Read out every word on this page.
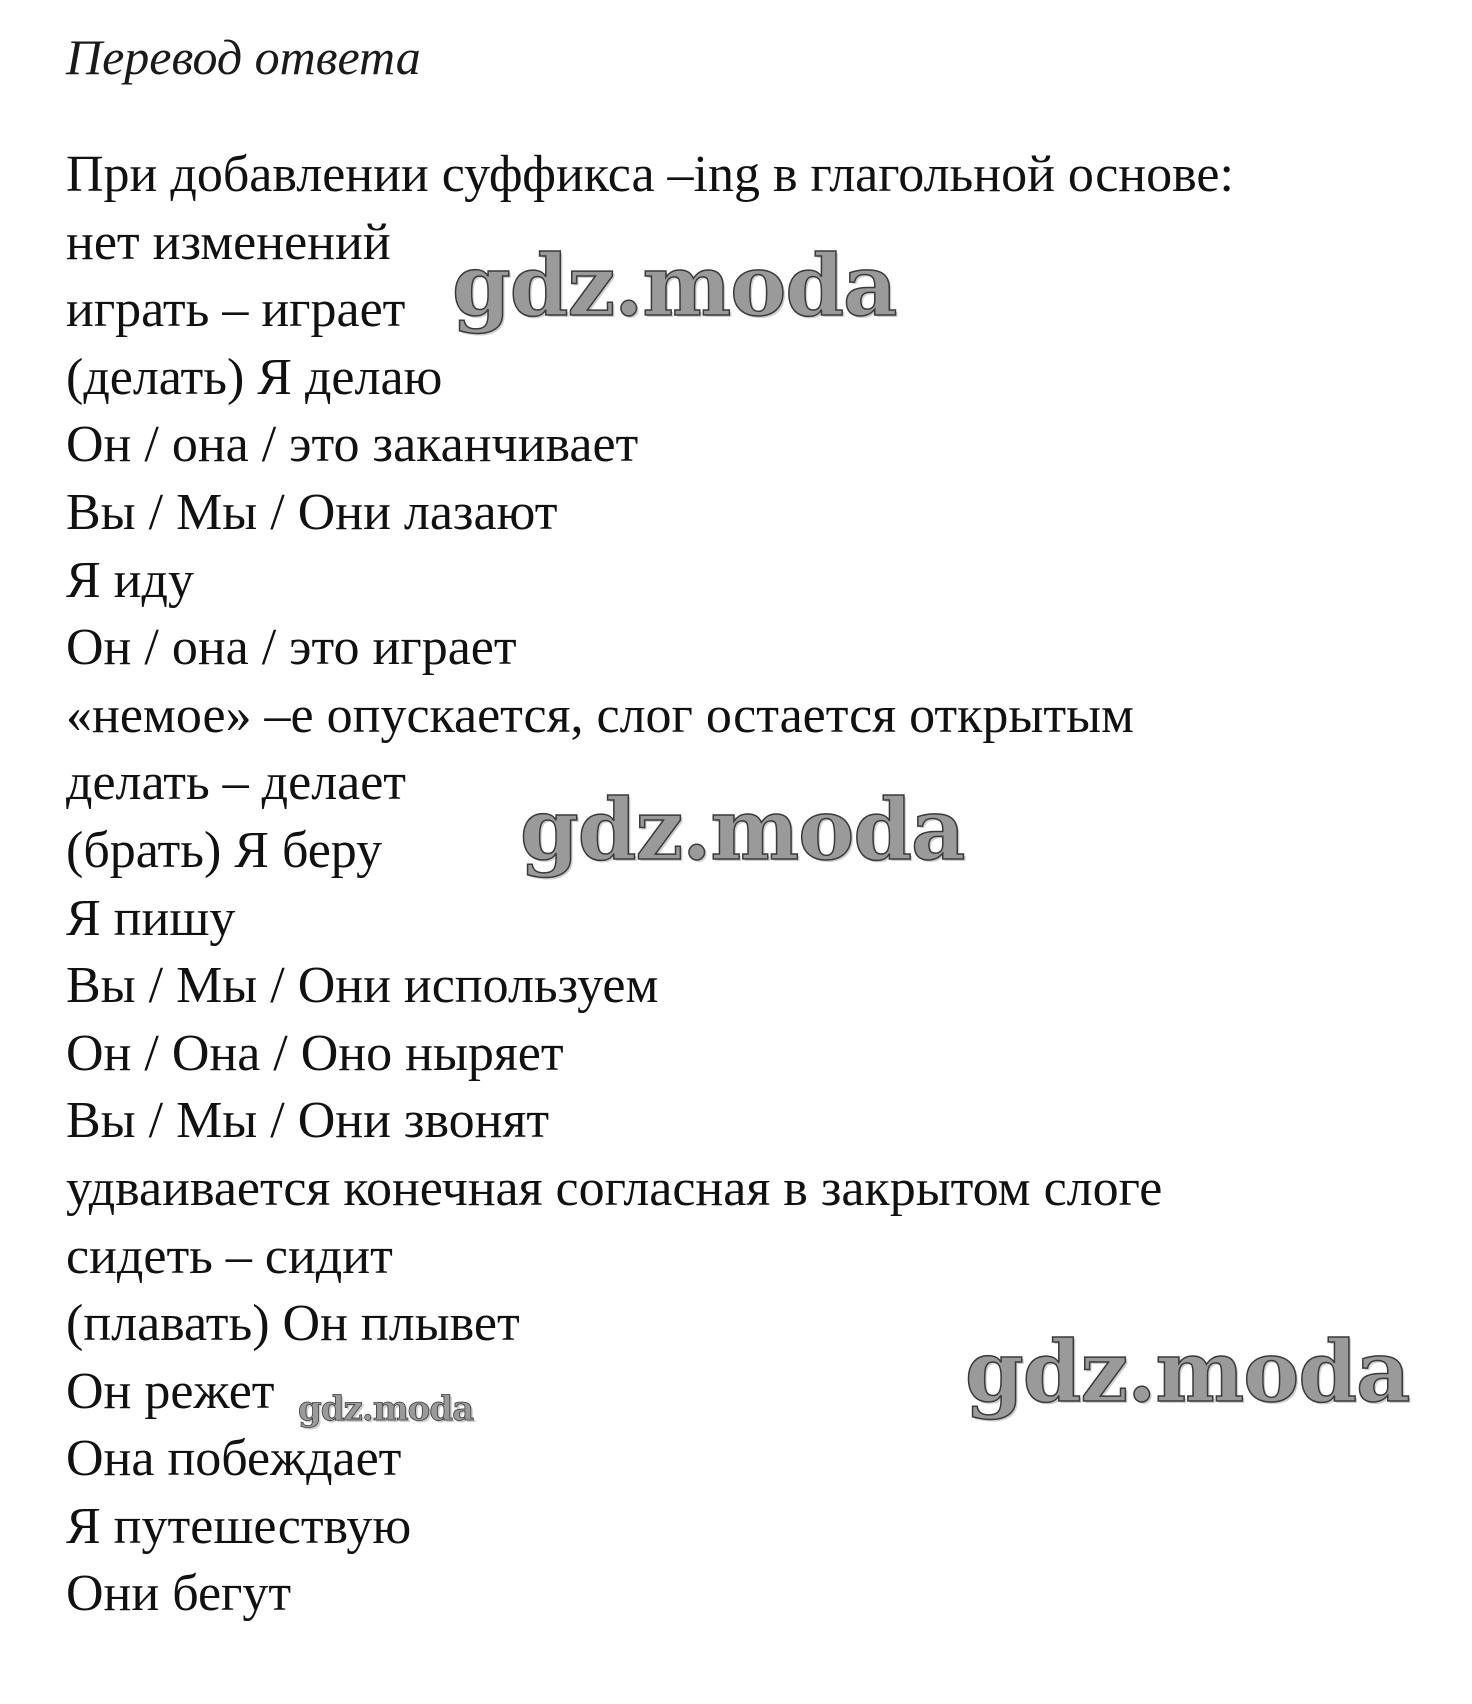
Перевод ответа
При добавлении суффикса –ing в глагольной основе:
нет изменений
играть – играет
(делать) Я делаю
Он / она / это заканчивает
Вы / Мы / Они лазают
Я иду
Он / она / это играет
«немое» –е опускается, слог остается открытым
делать – делает
(брать) Я беру
Я пишу
Вы / Мы / Они используем
Он / Она / Оно ныряет
Вы / Мы / Они звонят
удваивается конечная согласная в закрытом слоге
сидеть – сидит
(плавать) Он плывет
Он режет
Она побеждает
Я путешествую
Они бегут
gdz.moda
gdz.moda
gdz.moda
gdz.moda
